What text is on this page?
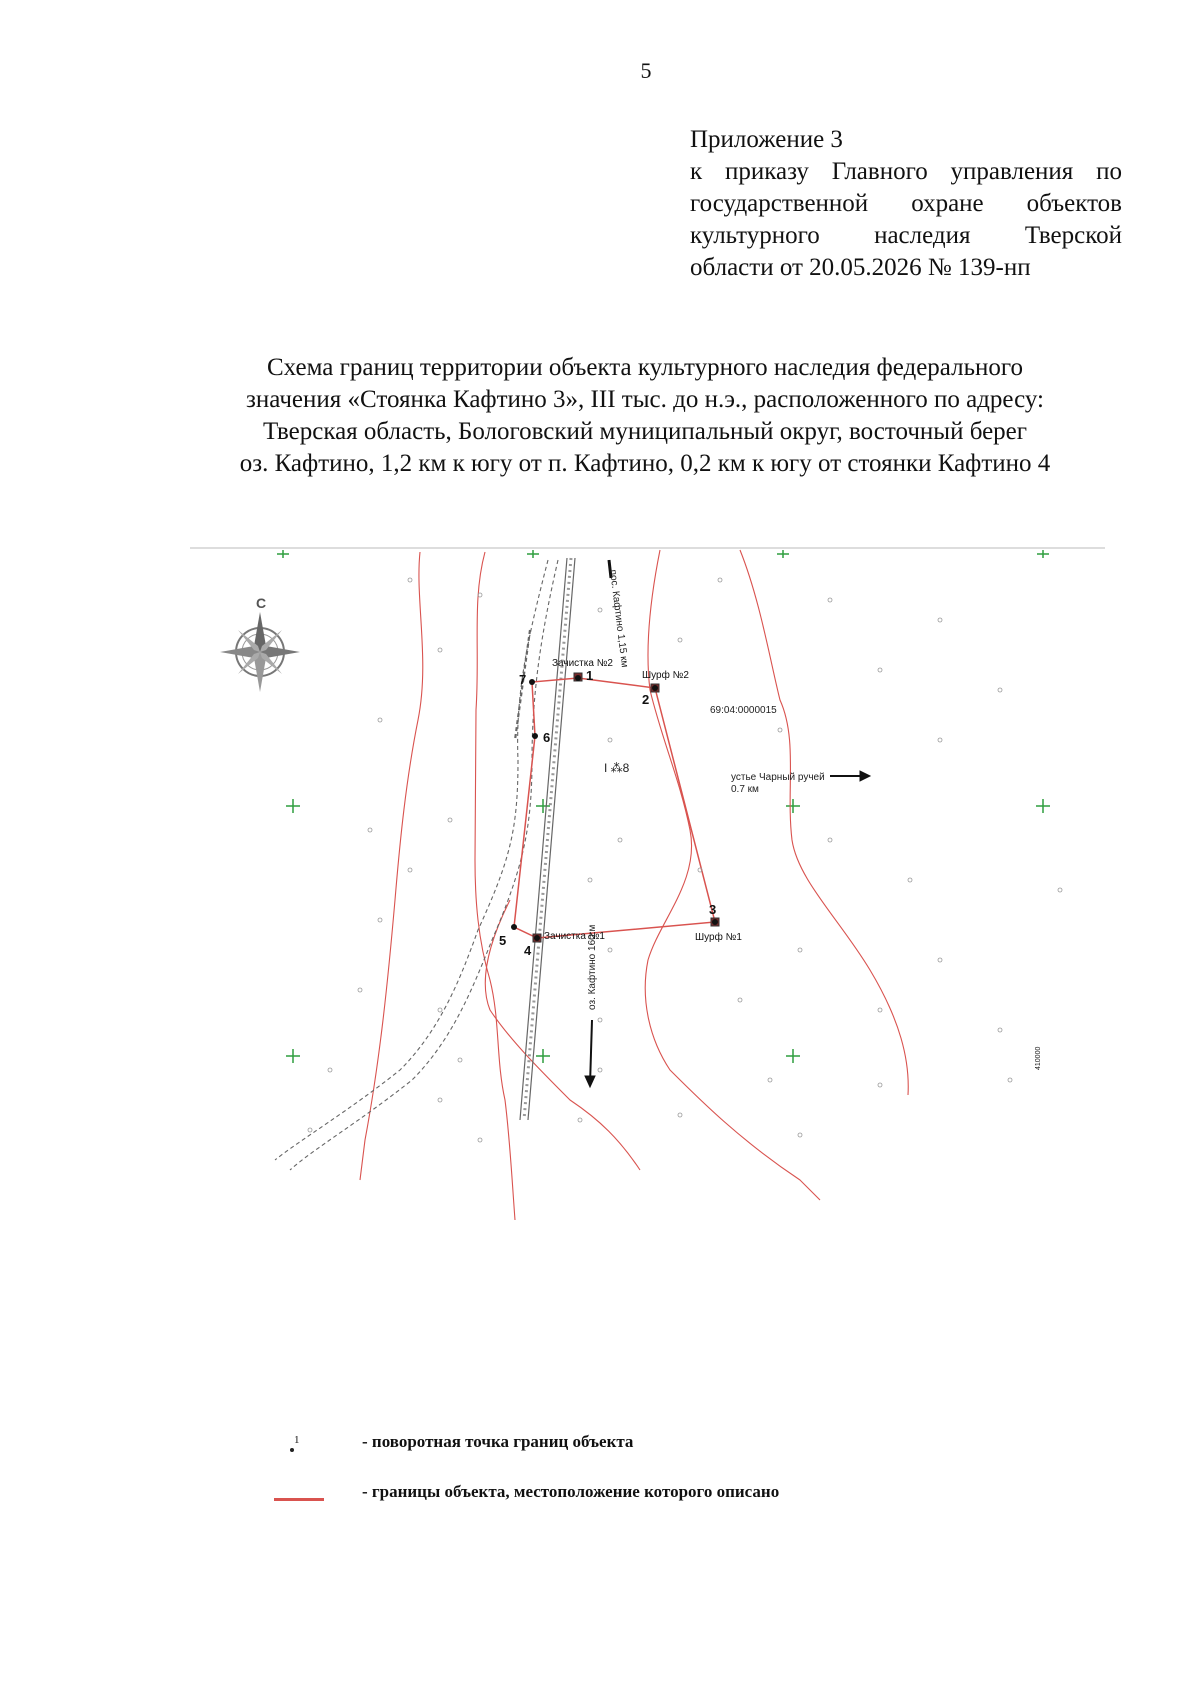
5
Приложение 3
к приказу Главного управления по
государственной охране объектов
культурного наследия Тверской
области от 20.05.2026 № 139-нп
Схема границ территории объекта культурного наследия федерального
значения «Стоянка Кафтино 3», III тыс. до н.э., расположенного по адресу:
Тверская область, Бологовский муниципальный округ, восточный берег
оз. Кафтино, 1,2 км к югу от п. Кафтино, 0,2 км к югу от стоянки Кафтино 4
С	пос. Кафтино 1,15 км
оз. Кафтино 160 м
устье Чарный ручей
0.7 км
69:04:0000015
I ⁂8
410000
1
2
3
4
5
6
7
Зачистка №2
Шурф №2
Шурф №1
Зачистка №1
1	- поворотная точка границ объекта
- границы объекта, местоположение которого описано
